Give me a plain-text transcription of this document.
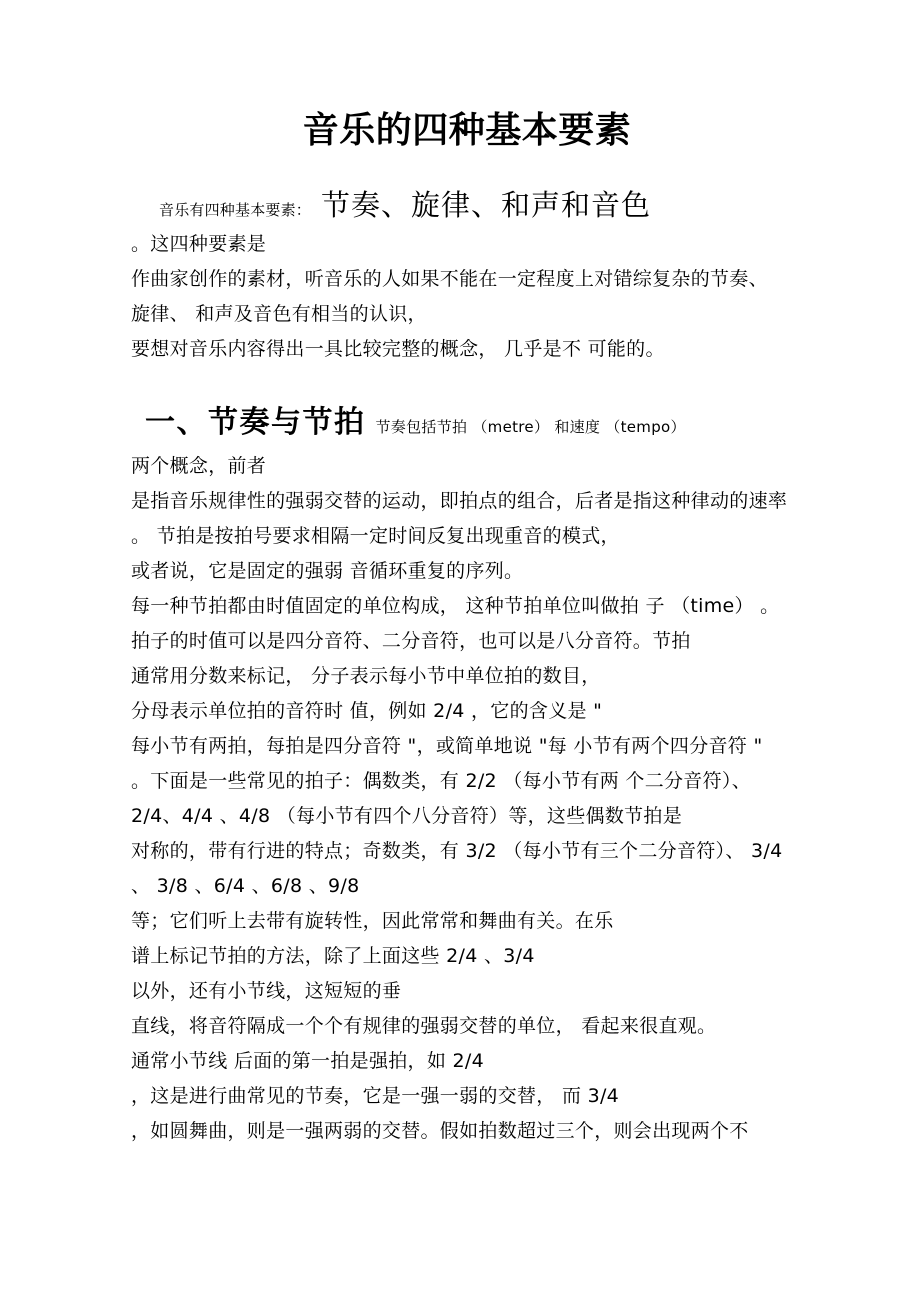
音乐的四种基本要素
音乐有四种基本要素： 节奏、旋律、和声和音色
。这四种要素是
作曲家创作的素材，听音乐的人如果不能在一定程度上对错综复杂的节奏、
旋律、 和声及音色有相当的认识，
要想对音乐内容得出一具比较完整的概念， 几乎是不 可能的。
一、节奏与节拍 节奏包括节拍 （metre） 和速度 （tempo）
两个概念，前者
是指音乐规律性的强弱交替的运动，即拍点的组合，后者是指这种律动的速率
。 节拍是按拍号要求相隔一定时间反复出现重音的模式，
或者说，它是固定的强弱 音循环重复的序列。
每一种节拍都由时值固定的单位构成， 这种节拍单位叫做拍 子 （time） 。
拍子的时值可以是四分音符、二分音符，也可以是八分音符。节拍
通常用分数来标记， 分子表示每小节中单位拍的数目，
分母表示单位拍的音符时 值，例如 2/4 ，它的含义是 "
每小节有两拍，每拍是四分音符 "，或简单地说 "每 小节有两个四分音符 "
。下面是一些常见的拍子：偶数类，有 2/2 （每小节有两 个二分音符）、
2/4、4/4 、4/8 （每小节有四个八分音符）等，这些偶数节拍是
对称的，带有行进的特点；奇数类，有 3/2 （每小节有三个二分音符）、 3/4
、 3/8 、6/4 、6/8 、9/8
等；它们听上去带有旋转性，因此常常和舞曲有关。在乐
谱上标记节拍的方法，除了上面这些 2/4 、3/4
以外，还有小节线，这短短的垂
直线，将音符隔成一个个有规律的强弱交替的单位， 看起来很直观。
通常小节线 后面的第一拍是强拍，如 2/4
，这是进行曲常见的节奏，它是一强一弱的交替， 而 3/4
，如圆舞曲，则是一强两弱的交替。假如拍数超过三个，则会出现两个不
